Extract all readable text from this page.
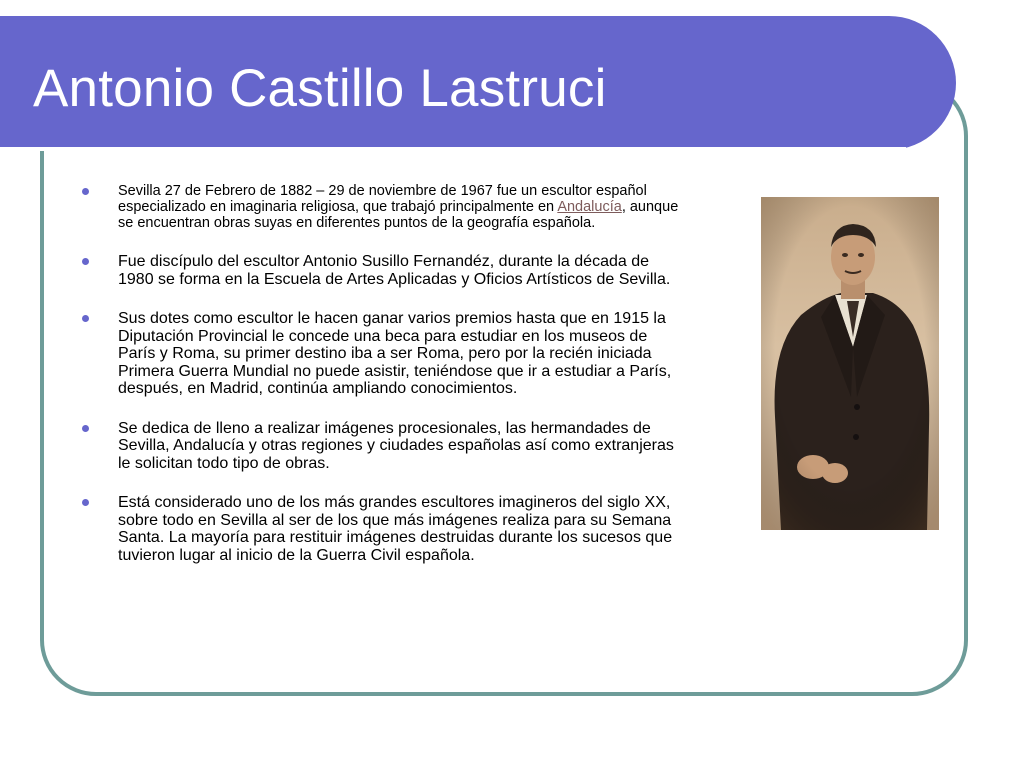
Antonio Castillo Lastruci
Sevilla 27 de Febrero de 1882 – 29 de noviembre de 1967 fue un escultor español especializado en imaginaria religiosa, que trabajó principalmente en Andalucía, aunque se encuentran obras suyas en diferentes puntos de la geografía española.
Fue discípulo del escultor Antonio Susillo Fernandéz, durante la década de 1980 se forma en la Escuela de Artes Aplicadas y Oficios Artísticos de Sevilla.
Sus dotes como escultor le hacen ganar varios premios hasta que en 1915 la Diputación Provincial le concede una beca para estudiar en los museos de París y Roma, su primer destino iba a ser Roma, pero por la recién iniciada Primera Guerra Mundial no puede asistir, teniéndose que ir a estudiar a París, después, en Madrid, continúa ampliando conocimientos.
Se dedica de lleno a realizar imágenes procesionales, las hermandades de Sevilla, Andalucía y otras regiones y ciudades españolas así como extranjeras le solicitan todo tipo de obras.
Está considerado uno de los más grandes escultores imagineros del siglo XX, sobre todo en Sevilla al ser de los que más imágenes realiza para su Semana Santa. La mayoría para restituir imágenes destruidas durante los sucesos que tuvieron lugar al inicio de la Guerra Civil española.
